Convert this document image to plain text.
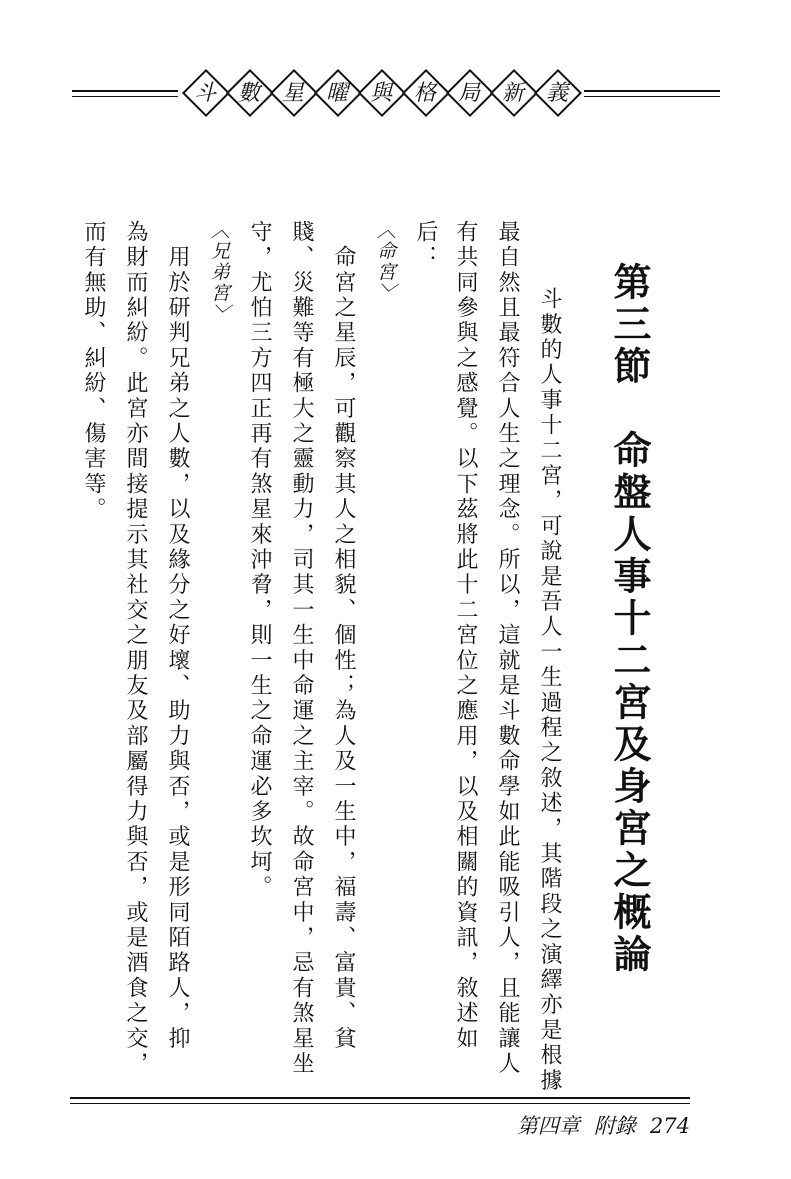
斗 數 星 曜 與 格 局 新 義
第三節　命盤人事十二宮及身宮之概論
　斗數的人事十二宮，可說是吾人一生過程之敘述，其階段之演繹亦是根據
最自然且最符合人生之理念。所以，這就是斗數命學如此能吸引人，且能讓人
有共同參與之感覺。以下茲將此十二宮位之應用，以及相關的資訊，敘述如
后：
〈命宮〉
　命宮之星辰，可觀察其人之相貌、個性；為人及一生中，福壽、富貴、貧
賤、災難等有極大之靈動力，司其一生中命運之主宰。故命宮中，忌有煞星坐
守，尤怕三方四正再有煞星來沖脅，則一生之命運必多坎坷。
〈兄弟宮〉
　用於研判兄弟之人數，以及緣分之好壞、助力與否，或是形同陌路人，抑
為財而糾紛。此宮亦間接提示其社交之朋友及部屬得力與否，或是酒食之交，
而有無助、糾紛、傷害等。
第四章 附錄 274
